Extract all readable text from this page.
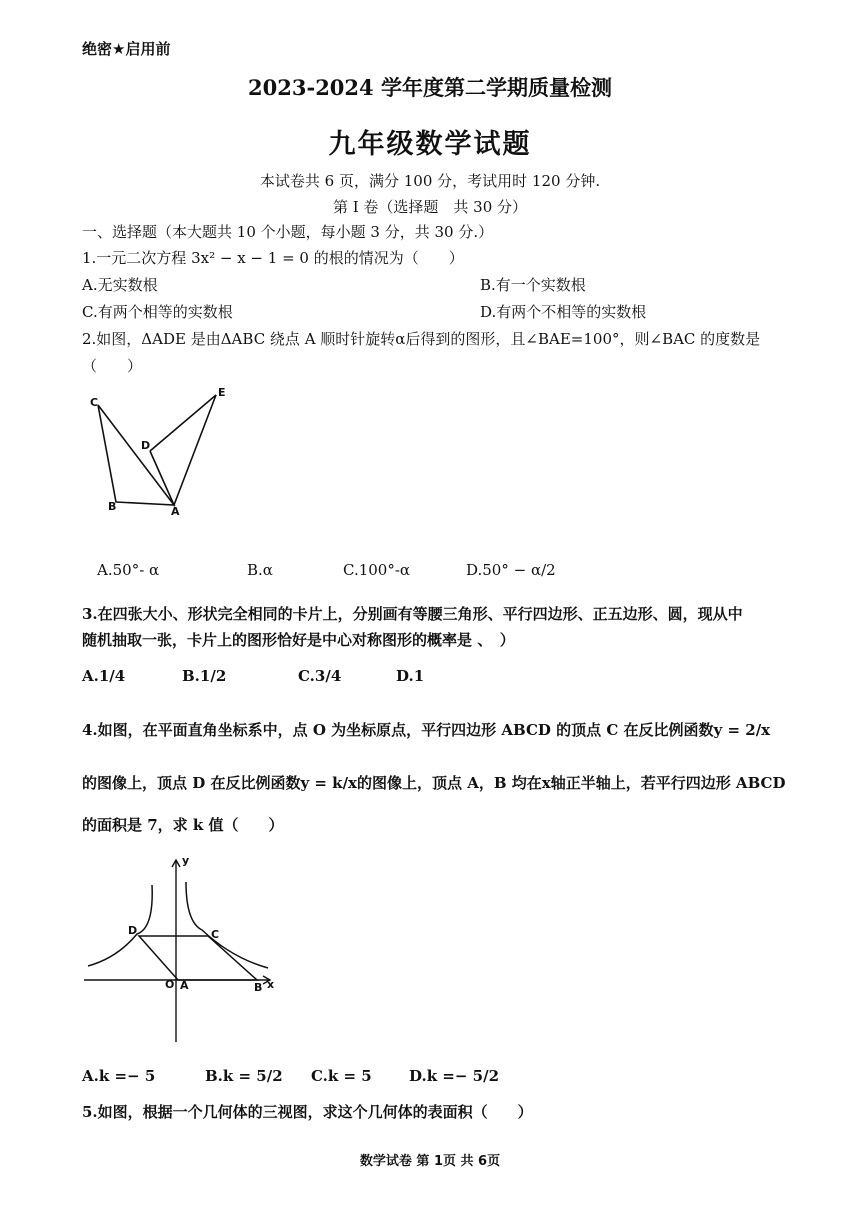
绝密★启用前
2023-2024 学年度第二学期质量检测
九年级数学试题
本试卷共 6 页，满分 100 分，考试用时 120 分钟.
第 I 卷（选择题　共 30 分）
一、选择题（本大题共 10 个小题，每小题 3 分，共 30 分.）
1.一元二次方程 3x² − x − 1 = 0 的根的情况为（　　）
A.无实数根	B.有一个实数根
C.有两个相等的实数根	D.有两个不相等的实数根
2.如图，ΔADE 是由ΔABC 绕点 A 顺时针旋转α后得到的图形，且∠BAE=100°，则∠BAC 的度数是
（　　）
C
E
D
B	A
A.50°- α	B.α	C.100°-α	D.50° − α/2
3.在四张大小、形状完全相同的卡片上，分别画有等腰三角形、平行四边形、正五边形、圆，现从中
随机抽取一张，卡片上的图形恰好是中心对称图形的概率是 、　）
A.1/4	B.1/2	C.3/4	D.1
4.如图，在平面直角坐标系中，点 O 为坐标原点，平行四边形 ABCD 的顶点 C 在反比例函数y = 2/x
的图像上，顶点 D 在反比例函数y = k/x的图像上，顶点 A，B 均在x轴正半轴上，若平行四边形 ABCD
的面积是 7，求 k 值（　　）
y
D	C
O A	B x
A.k =− 5	B.k = 5/2 C.k = 5 D.k =− 5/2
5.如图，根据一个几何体的三视图，求这个几何体的表面积（　　）
数学试卷 第 1页 共 6页
